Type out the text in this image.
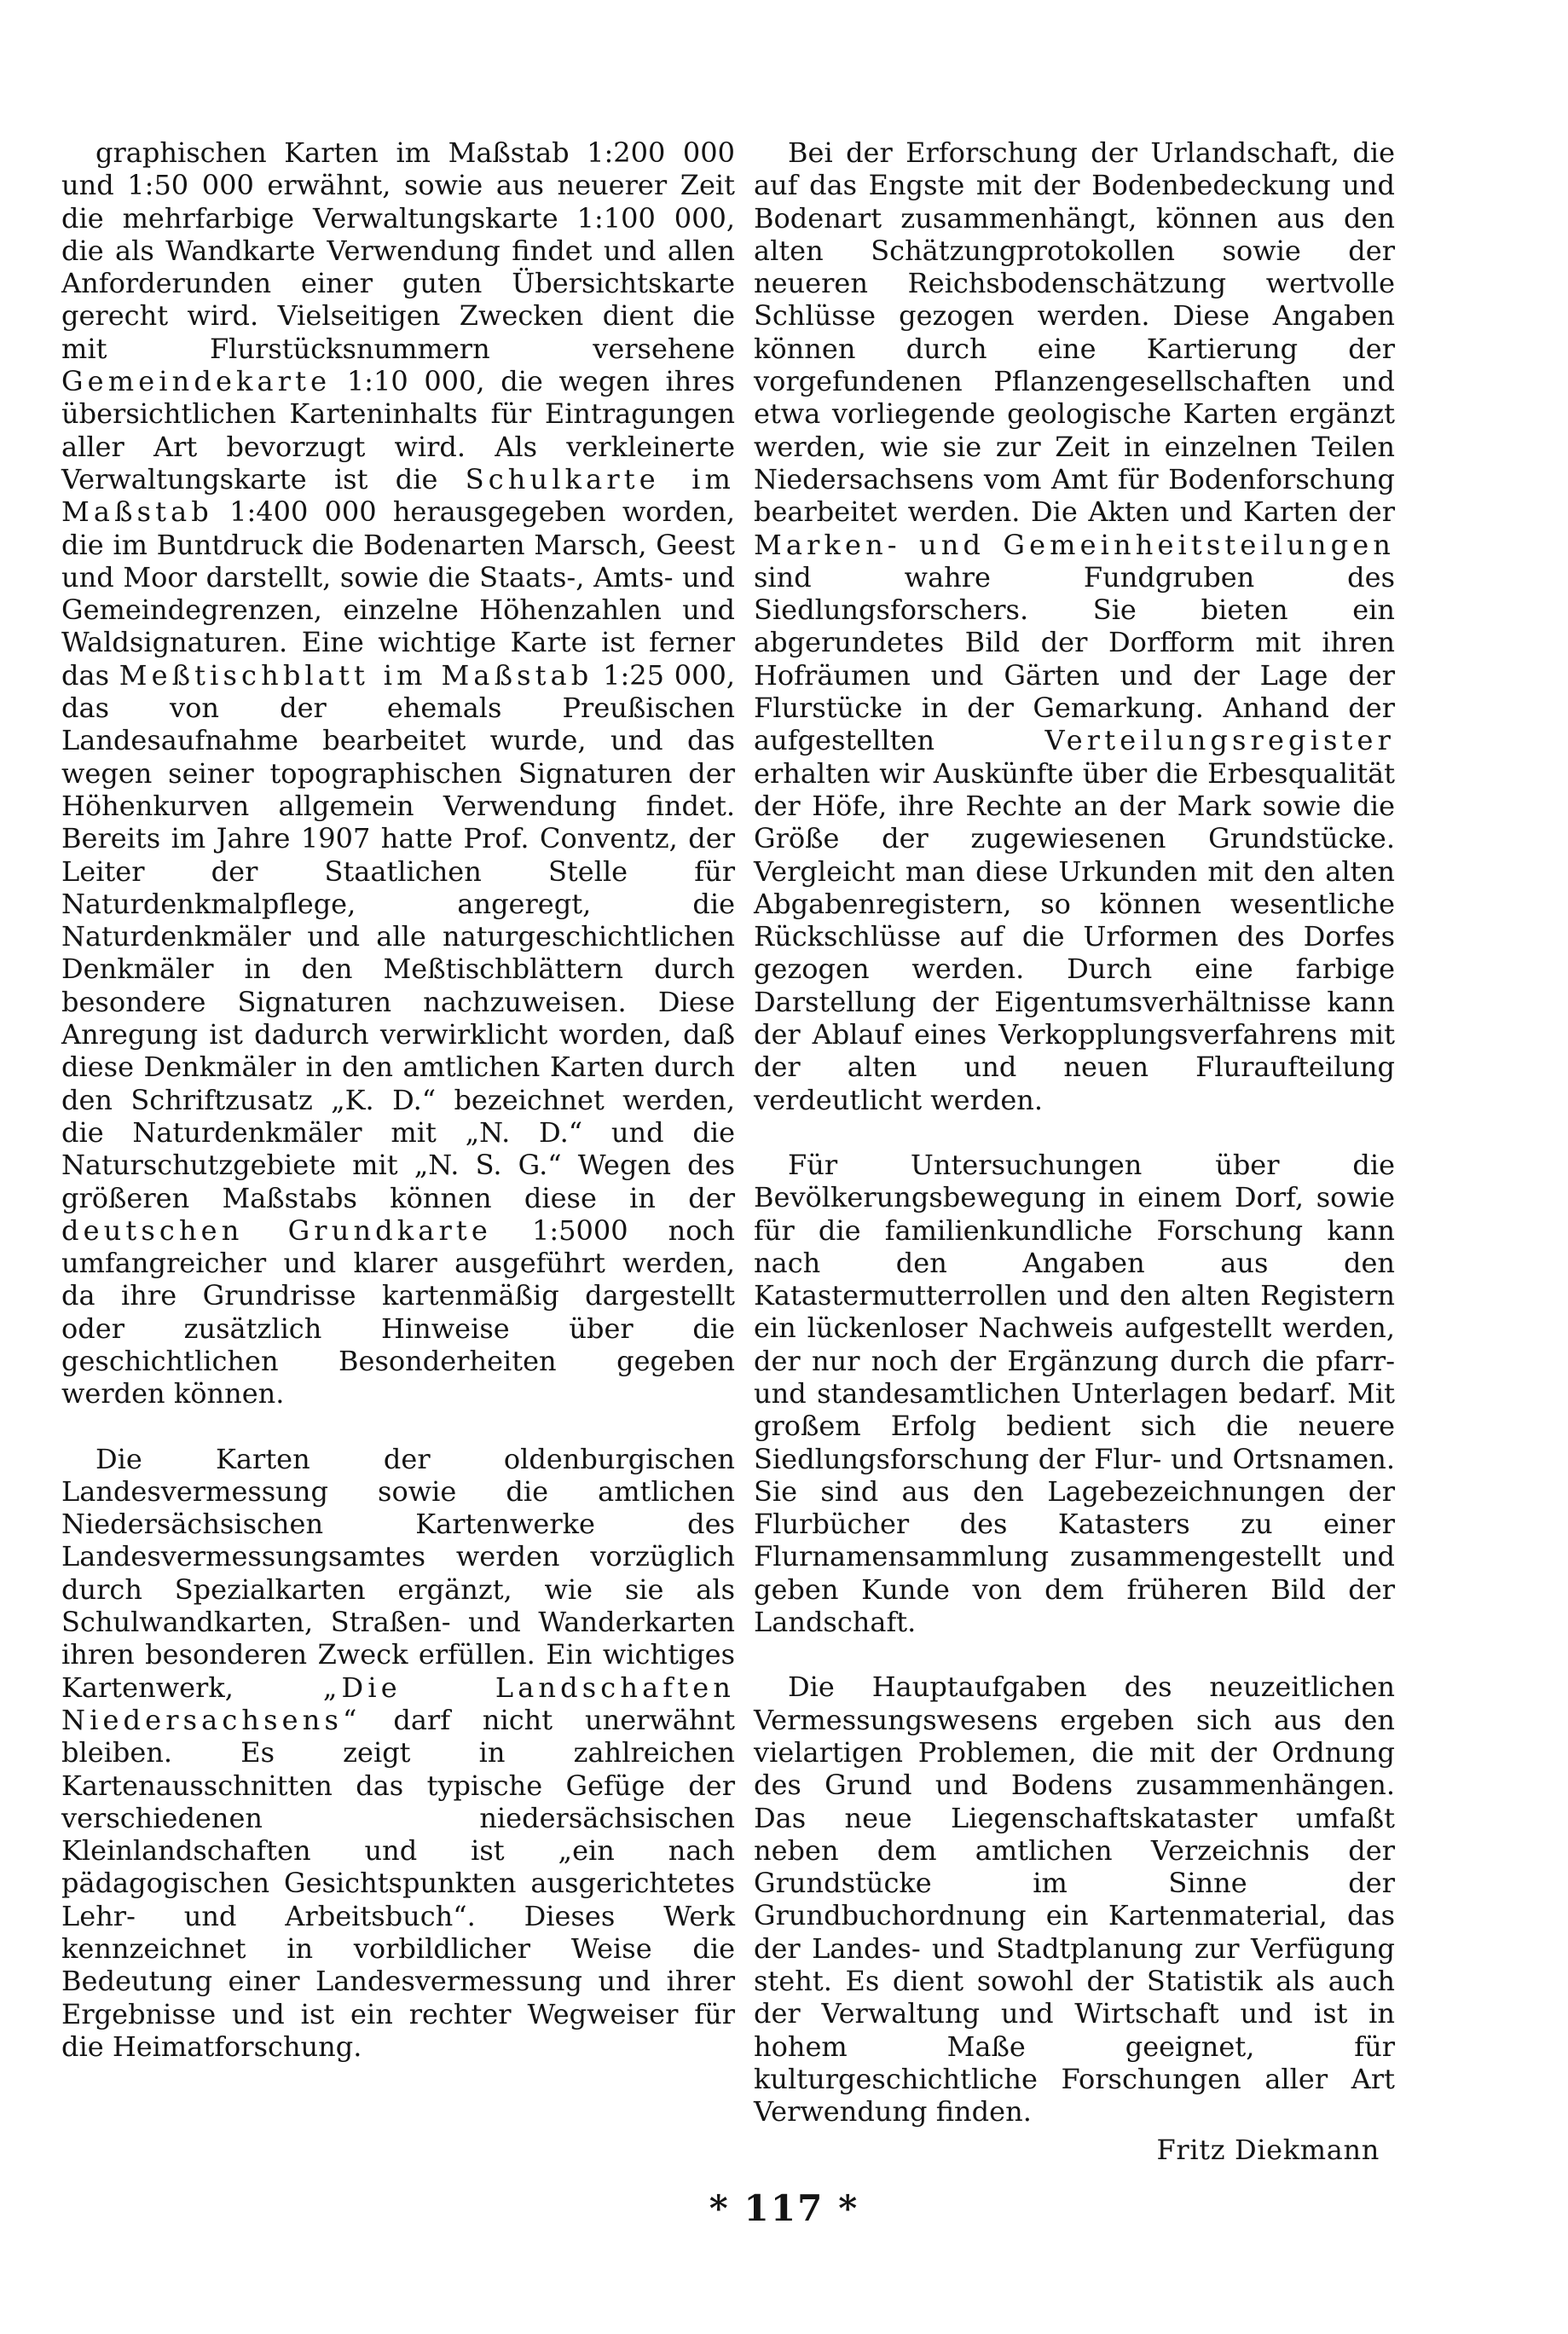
graphischen Karten im Maßstab 1:200 000 und 1:50 000 erwähnt, sowie aus neuerer Zeit die mehrfarbige Verwaltungskarte 1:100 000, die als Wandkarte Verwendung findet und allen Anforderunden einer guten Übersichtskarte gerecht wird. Vielseitigen Zwecken dient die mit Flurstücksnummern versehene Gemeindekarte 1:10 000, die wegen ihres übersichtlichen Karteninhalts für Eintragungen aller Art bevorzugt wird. Als verkleinerte Verwaltungskarte ist die Schulkarte im Maßstab 1:400 000 herausgegeben worden, die im Buntdruck die Bodenarten Marsch, Geest und Moor darstellt, sowie die Staats-, Amts- und Gemeindegrenzen, einzelne Höhenzahlen und Waldsignaturen. Eine wichtige Karte ist ferner das Meßtischblatt im Maßstab 1:25 000, das von der ehemals Preußischen Landesaufnahme bearbeitet wurde, und das wegen seiner topographischen Signaturen der Höhenkurven allgemein Verwendung findet. Bereits im Jahre 1907 hatte Prof. Conventz, der Leiter der Staatlichen Stelle für Naturdenkmalpflege, angeregt, die Naturdenkmäler und alle naturgeschichtlichen Denkmäler in den Meßtischblättern durch besondere Signaturen nachzuweisen. Diese Anregung ist dadurch verwirklicht worden, daß diese Denkmäler in den amtlichen Karten durch den Schriftzusatz „K. D.“ bezeichnet werden, die Naturdenkmäler mit „N. D.“ und die Naturschutzgebiete mit „N. S. G.“ Wegen des größeren Maßstabs können diese in der deutschen Grundkarte 1:5000 noch umfangreicher und klarer ausgeführt werden, da ihre Grundrisse kartenmäßig dargestellt oder zusätzlich Hinweise über die geschichtlichen Besonderheiten gegeben werden können.

Die Karten der oldenburgischen Landesvermessung sowie die amtlichen Niedersächsischen Kartenwerke des Landesvermessungsamtes werden vorzüglich durch Spezialkarten ergänzt, wie sie als Schulwandkarten, Straßen- und Wanderkarten ihren besonderen Zweck erfüllen. Ein wichtiges Kartenwerk, „Die Landschaften Niedersachsens“ darf nicht unerwähnt bleiben. Es zeigt in zahlreichen Kartenausschnitten das typische Gefüge der verschiedenen niedersächsischen Kleinlandschaften und ist „ein nach pädagogischen Gesichtspunkten ausgerichtetes Lehr- und Arbeitsbuch“. Dieses Werk kennzeichnet in vorbildlicher Weise die Bedeutung einer Landesvermessung und ihrer Ergebnisse und ist ein rechter Wegweiser für die Heimatforschung.

Bei der Erforschung der Urlandschaft, die auf das Engste mit der Bodenbedeckung und Bodenart zusammenhängt, können aus den alten Schätzungprotokollen sowie der neueren Reichsbodenschätzung wertvolle Schlüsse gezogen werden. Diese Angaben können durch eine Kartierung der vorgefundenen Pflanzengesellschaften und etwa vorliegende geologische Karten ergänzt werden, wie sie zur Zeit in einzelnen Teilen Niedersachsens vom Amt für Bodenforschung bearbeitet werden. Die Akten und Karten der Marken- und Gemeinheitsteilungen sind wahre Fundgruben des Siedlungsforschers. Sie bieten ein abgerundetes Bild der Dorfform mit ihren Hofräumen und Gärten und der Lage der Flurstücke in der Gemarkung. Anhand der aufgestellten Verteilungsregister erhalten wir Auskünfte über die Erbesqualität der Höfe, ihre Rechte an der Mark sowie die Größe der zugewiesenen Grundstücke. Vergleicht man diese Urkunden mit den alten Abgabenregistern, so können wesentliche Rückschlüsse auf die Urformen des Dorfes gezogen werden. Durch eine farbige Darstellung der Eigentumsverhältnisse kann der Ablauf eines Verkopplungsverfahrens mit der alten und neuen Fluraufteilung verdeutlicht werden.

Für Untersuchungen über die Bevölkerungsbewegung in einem Dorf, sowie für die familienkundliche Forschung kann nach den Angaben aus den Katastermutterrollen und den alten Registern ein lückenloser Nachweis aufgestellt werden, der nur noch der Ergänzung durch die pfarr- und standesamtlichen Unterlagen bedarf. Mit großem Erfolg bedient sich die neuere Siedlungsforschung der Flur- und Ortsnamen. Sie sind aus den Lagebezeichnungen der Flurbücher des Katasters zu einer Flurnamensammlung zusammengestellt und geben Kunde von dem früheren Bild der Landschaft.

Die Hauptaufgaben des neuzeitlichen Vermessungswesens ergeben sich aus den vielartigen Problemen, die mit der Ordnung des Grund und Bodens zusammenhängen. Das neue Liegenschaftskataster umfaßt neben dem amtlichen Verzeichnis der Grundstücke im Sinne der Grundbuchordnung ein Kartenmaterial, das der Landes- und Stadtplanung zur Verfügung steht. Es dient sowohl der Statistik als auch der Verwaltung und Wirtschaft und ist in hohem Maße geeignet, für kulturgeschichtliche Forschungen aller Art Verwendung finden.

Fritz Diekmann

* 117 *
